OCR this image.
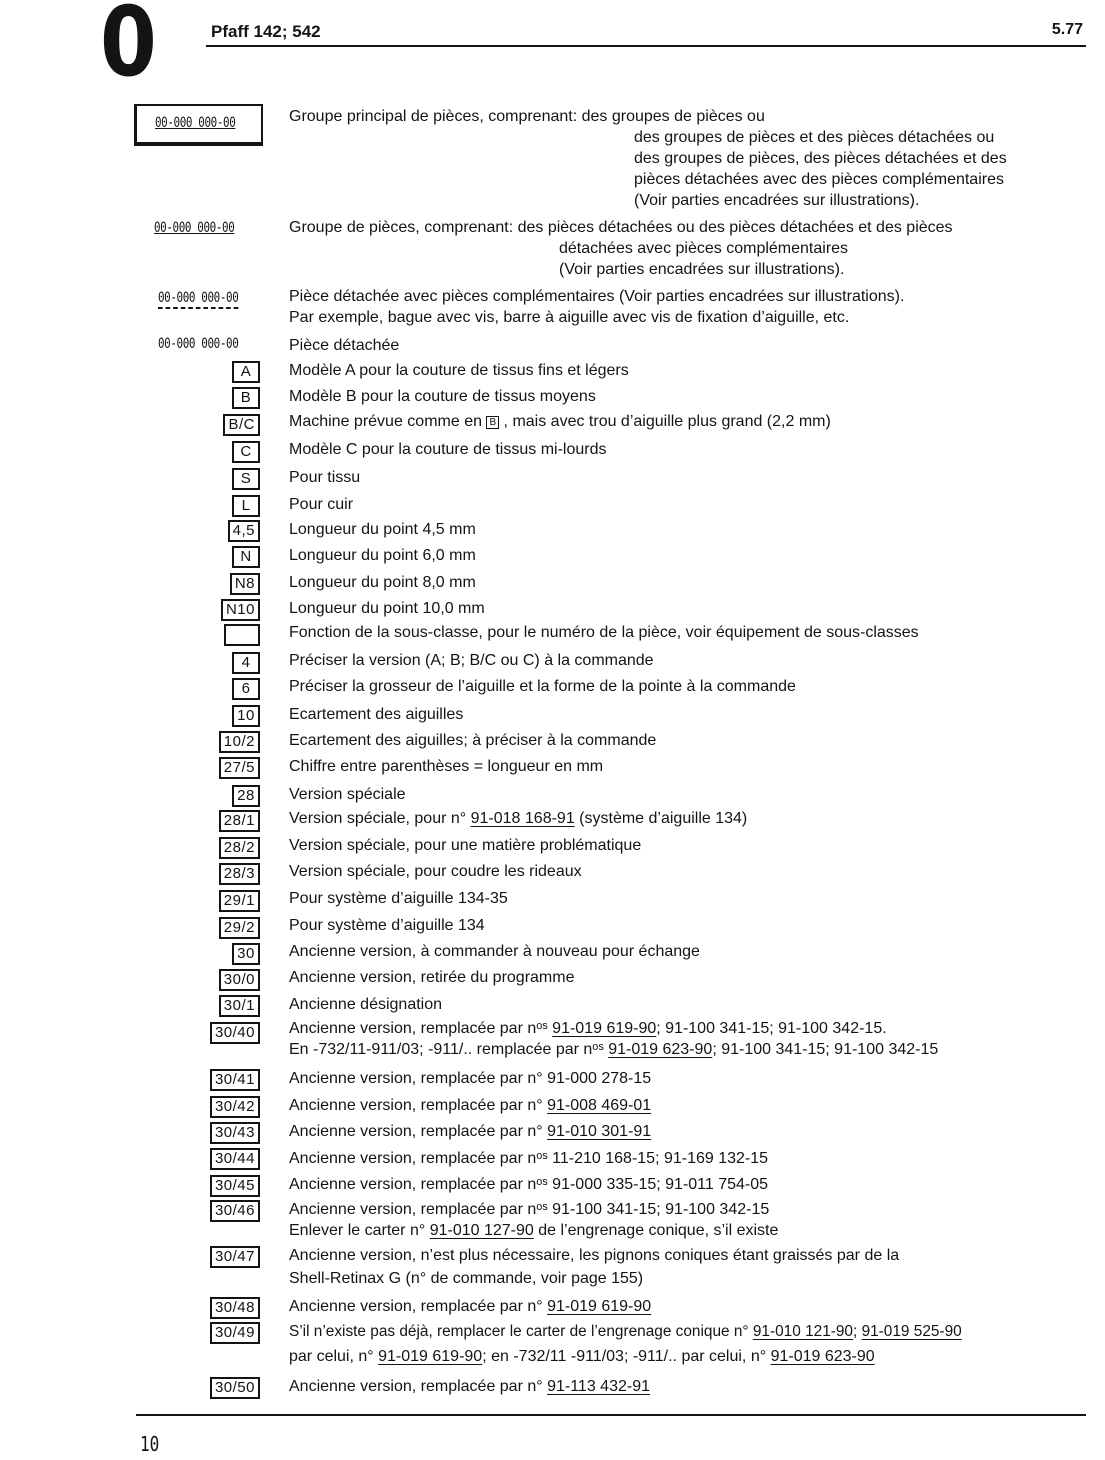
0	Pfaff 142; 542	5.77
00-000 000-00	Groupe principal de pièces, comprenant: des groupes de pièces ou
des groupes de pièces et des pièces détachées ou
des groupes de pièces, des pièces détachées et des
pièces détachées avec des pièces complémentaires
(Voir parties encadrées sur illustrations).
00-000 000-00	Groupe de pièces, comprenant: des pièces détachées ou des pièces détachées et des pièces
détachées avec pièces complémentaires
(Voir parties encadrées sur illustrations).
00-000 000-00	Pièce détachée avec pièces complémentaires (Voir parties encadrées sur illustrations).
Par exemple, bague avec vis, barre à aiguille avec vis de fixation d’aiguille, etc.
00-000 000-00	Pièce détachée
A	Modèle A pour la couture de tissus fins et légers
B	Modèle B pour la couture de tissus moyens
B/C	Machine prévue comme en B , mais avec trou d’aiguille plus grand (2,2 mm)
C	Modèle C pour la couture de tissus mi-lourds
S	Pour tissu
L	Pour cuir
4,5	Longueur du point 4,5 mm
N	Longueur du point 6,0 mm
N8	Longueur du point 8,0 mm
N10	Longueur du point 10,0 mm
Fonction de la sous-classe, pour le numéro de la pièce, voir équipement de sous-classes
4	Préciser la version (A; B; B/C ou C) à la commande
6	Préciser la grosseur de l’aiguille et la forme de la pointe à la commande
10	Ecartement des aiguilles
10/2	Ecartement des aiguilles; à préciser à la commande
27/5	Chiffre entre parenthèses = longueur en mm
28	Version spéciale
28/1	Version spéciale, pour n° 91-018 168-91 (système d’aiguille 134)
28/2	Version spéciale, pour une matière problématique
28/3	Version spéciale, pour coudre les rideaux
29/1	Pour système d’aiguille 134-35
29/2	Pour système d’aiguille 134
30	Ancienne version, à commander à nouveau pour échange
30/0	Ancienne version, retirée du programme
30/1	Ancienne désignation
30/40	Ancienne version, remplacée par nᵒˢ 91-019 619-90; 91-100 341-15; 91-100 342-15.
En -732/11-911/03; -911/.. remplacée par nᵒˢ 91-019 623-90; 91-100 341-15; 91-100 342-15
30/41	Ancienne version, remplacée par n° 91-000 278-15
30/42	Ancienne version, remplacée par n° 91-008 469-01
30/43	Ancienne version, remplacée par n° 91-010 301-91
30/44	Ancienne version, remplacée par nᵒˢ 11-210 168-15; 91-169 132-15
30/45	Ancienne version, remplacée par nᵒˢ 91-000 335-15; 91-011 754-05
30/46	Ancienne version, remplacée par nᵒˢ 91-100 341-15; 91-100 342-15
Enlever le carter n° 91-010 127-90 de l’engrenage conique, s’il existe
30/47	Ancienne version, n’est plus nécessaire, les pignons coniques étant graissés par de la
Shell-Retinax G (n° de commande, voir page 155)
30/48	Ancienne version, remplacée par n° 91-019 619-90
30/49	S’il n’existe pas déjà, remplacer le carter de l’engrenage conique n° 91-010 121-90; 91-019 525-90
par celui, n° 91-019 619-90; en -732/11 -911/03; -911/.. par celui, n° 91-019 623-90
30/50	Ancienne version, remplacée par n° 91-113 432-91
10
